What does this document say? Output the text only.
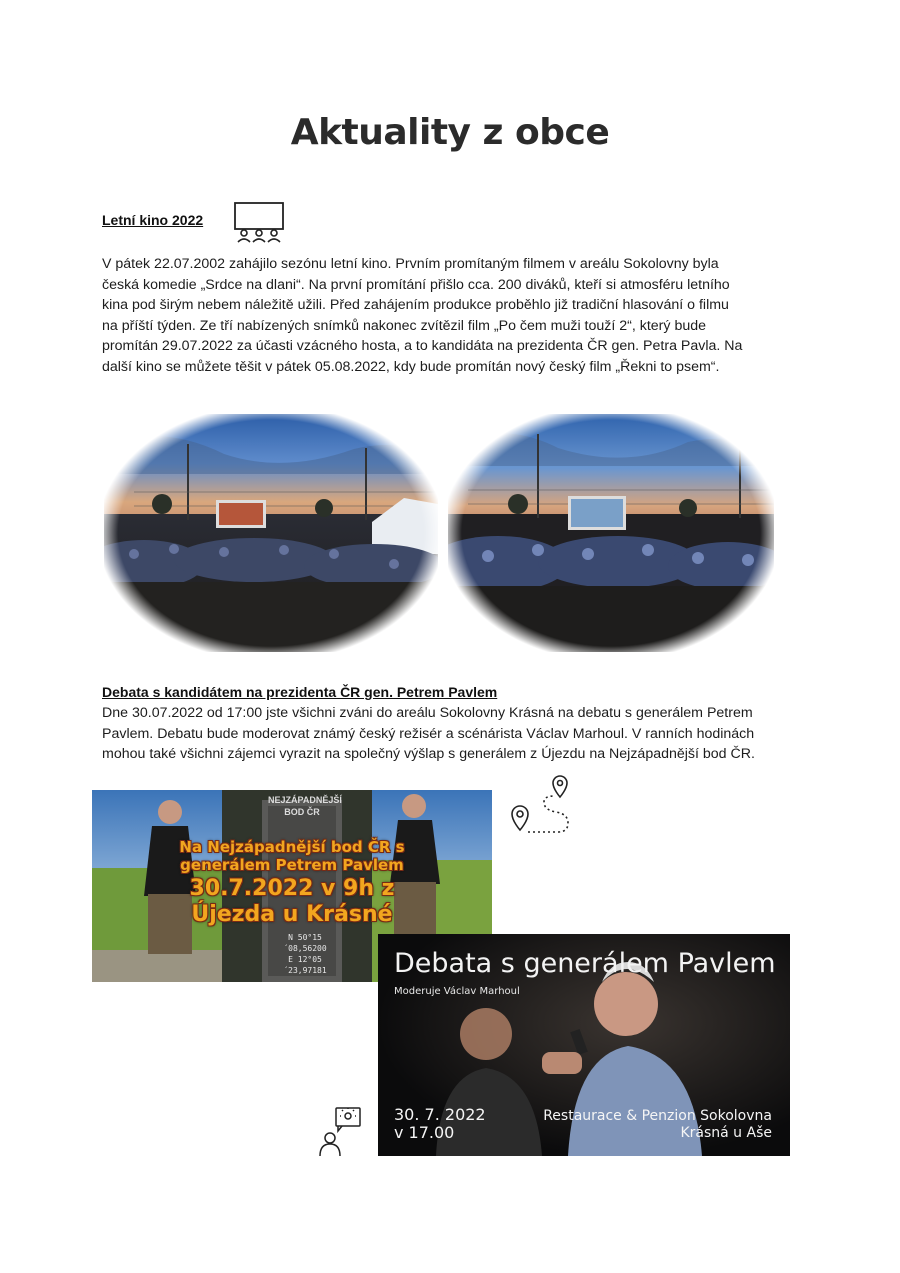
Aktuality z obce
Letní kino 2022
V pátek 22.07.2002 zahájilo sezónu letní kino. Prvním promítaným filmem v areálu Sokolovny byla
česká komedie „Srdce na dlani“. Na první promítání přišlo cca. 200 diváků, kteří si atmosféru letního
kina pod širým nebem náležitě užili. Před zahájením produkce proběhlo již tradiční hlasování o filmu
na příští týden. Ze tří nabízených snímků nakonec zvítězil film „Po čem muži touží 2“, který bude
promítán 29.07.2022 za účasti vzácného hosta, a to kandidáta na prezidenta ČR gen. Petra Pavla. Na
další kino se můžete těšit v pátek 05.08.2022, kdy bude promítán nový český film „Řekni to psem“.
Debata s kandidátem na prezidenta ČR gen. Petrem Pavlem
Dne 30.07.2022 od 17:00 jste všichni zváni do areálu Sokolovny Krásná na debatu s generálem Petrem
Pavlem. Debatu bude moderovat známý český režisér a scénárista Václav Marhoul. V ranních hodinách
mohou také všichni zájemci vyrazit na společný výšlap s generálem z Újezdu na Nejzápadnější bod ČR.
NEJZÁPADNĚJŠÍ
BOD ČR
N 50°15´08,56200
E 12°05´23,97181
Na Nejzápadnější bod ČR s
generálem Petrem Pavlem
30.7.2022 v 9h z
Újezda u Krásné
Debata s generálem Pavlem
Moderuje Václav Marhoul
30. 7. 2022
v 17.00
Restaurace & Penzion Sokolovna
Krásná u Aše
